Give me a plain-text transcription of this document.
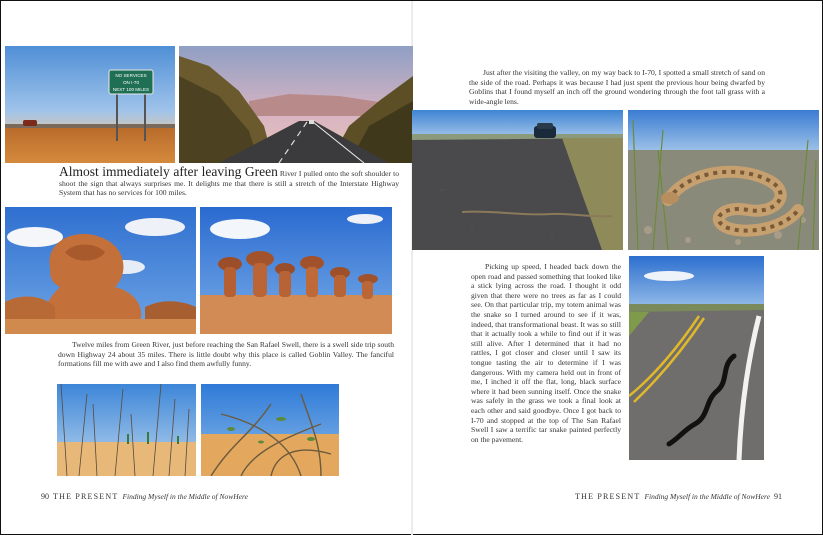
NO SERVICES
ON I-70
NEXT 100 MILES
Almost immediately after leaving Green River I pulled onto the soft shoulder to shoot the sign that always surprises me. It delights me that there is still a stretch of the Interstate Highway System that has no services for 100 miles.

Twelve miles from Green River, just before reaching the San Rafael Swell, there is a swell side trip south down Highway 24 about 35 miles. There is little doubt why this place is called Goblin Valley. The fanciful formations fill me with awe and I also find them awfully funny.

90 THE PRESENT Finding Myself in the Middle of NowHere

Just after the visiting the valley, on my way back to I-70, I spotted a small stretch of sand on the side of the road. Perhaps it was because I had just spent the previous hour being dwarfed by Goblins that I found myself an inch off the ground wondering through the foot tall grass with a wide-angle lens.

Picking up speed, I headed back down the open road and passed something that looked like a stick lying across the road. I thought it odd given that there were no trees as far as I could see. On that particular trip, my totem animal was the snake so I turned around to see if it was, indeed, that transformational beast. It was so still that it actually took a while to find out if it was still alive. After I determined that it had no rattles, I got closer and closer until I saw its tongue tasting the air to determine if I was dangerous. With my camera held out in front of me, I inched it off the flat, long, black surface where it had been sunning itself. Once the snake was safely in the grass we took a final look at each other and said goodbye. Once I got back to I-70 and stopped at the top of The San Rafael Swell I saw a terrific tar snake painted perfectly on the pavement.

THE PRESENT Finding Myself in the Middle of NowHere 91
